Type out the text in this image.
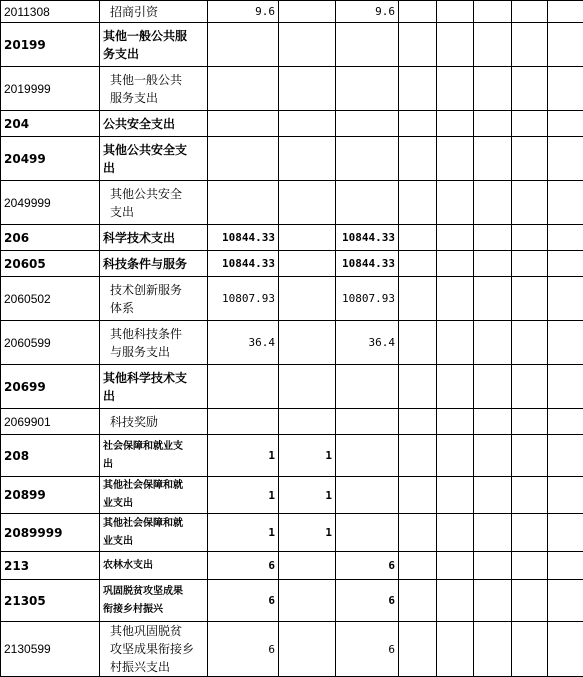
2011308	招商引资	9.6		9.6					
20199	其他一般公共服
务支出								

2019999	其他一般公共
服务支出								

204	公共安全支出								

20499	其他公共安全支
出								

2049999	其他公共安全
支出								

206	科学技术支出	10844.33		10844.33					
20605	科技条件与服务	10844.33		10844.33					
2060502	技术创新服务
体系	10807.93		10807.93					
2060599	其他科技条件
与服务支出	36.4		36.4					
20699	其他科学技术支
出								

2069901	科技奖励								

208	社会保障和就业支
出	1	1						
20899	其他社会保障和就
业支出	1	1						
2089999	其他社会保障和就
业支出	1	1						
213	农林水支出	6		6					
21305	巩固脱贫攻坚成果
衔接乡村振兴	6		6					
2130599	其他巩固脱贫
攻坚成果衔接乡
村振兴支出	6		6					
